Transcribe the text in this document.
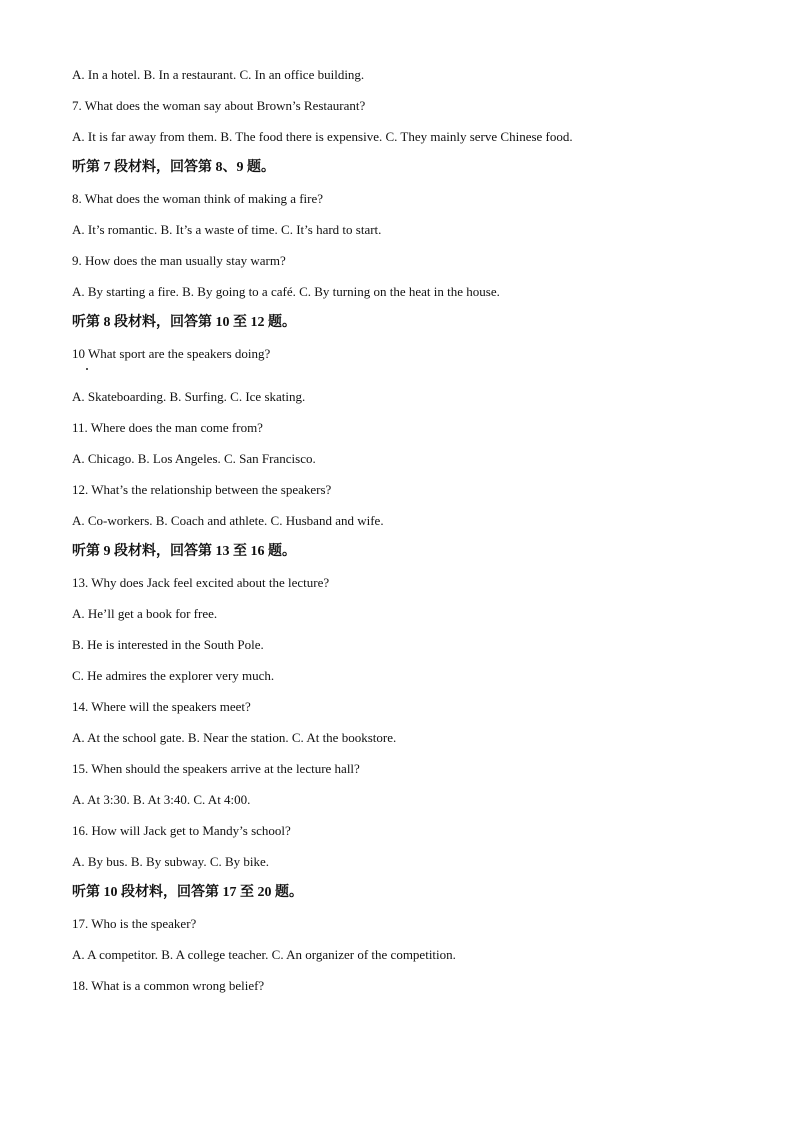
A. In a hotel. B. In a restaurant. C. In an office building.
7. What does the woman say about Brown’s Restaurant?
A. It is far away from them. B. The food there is expensive. C. They mainly serve Chinese food.
听第 7 段材料，回答第 8、9 题。
8. What does the woman think of making a fire?
A. It’s romantic. B. It’s a waste of time. C. It’s hard to start.
9. How does the man usually stay warm?
A. By starting a fire. B. By going to a café. C. By turning on the heat in the house.
听第 8 段材料，回答第 10 至 12 题。
10 What sport are the speakers doing?
A. Skateboarding. B. Surfing. C. Ice skating.
11. Where does the man come from?
A. Chicago. B. Los Angeles. C. San Francisco.
12. What’s the relationship between the speakers?
A. Co-workers. B. Coach and athlete. C. Husband and wife.
听第 9 段材料，回答第 13 至 16 题。
13. Why does Jack feel excited about the lecture?
A. He’ll get a book for free.
B. He is interested in the South Pole.
C. He admires the explorer very much.
14. Where will the speakers meet?
A. At the school gate. B. Near the station. C. At the bookstore.
15. When should the speakers arrive at the lecture hall?
A. At 3:30. B. At 3:40. C. At 4:00.
16. How will Jack get to Mandy’s school?
A. By bus. B. By subway. C. By bike.
听第 10 段材料，回答第 17 至 20 题。
17. Who is the speaker?
A. A competitor. B. A college teacher. C. An organizer of the competition.
18. What is a common wrong belief?
